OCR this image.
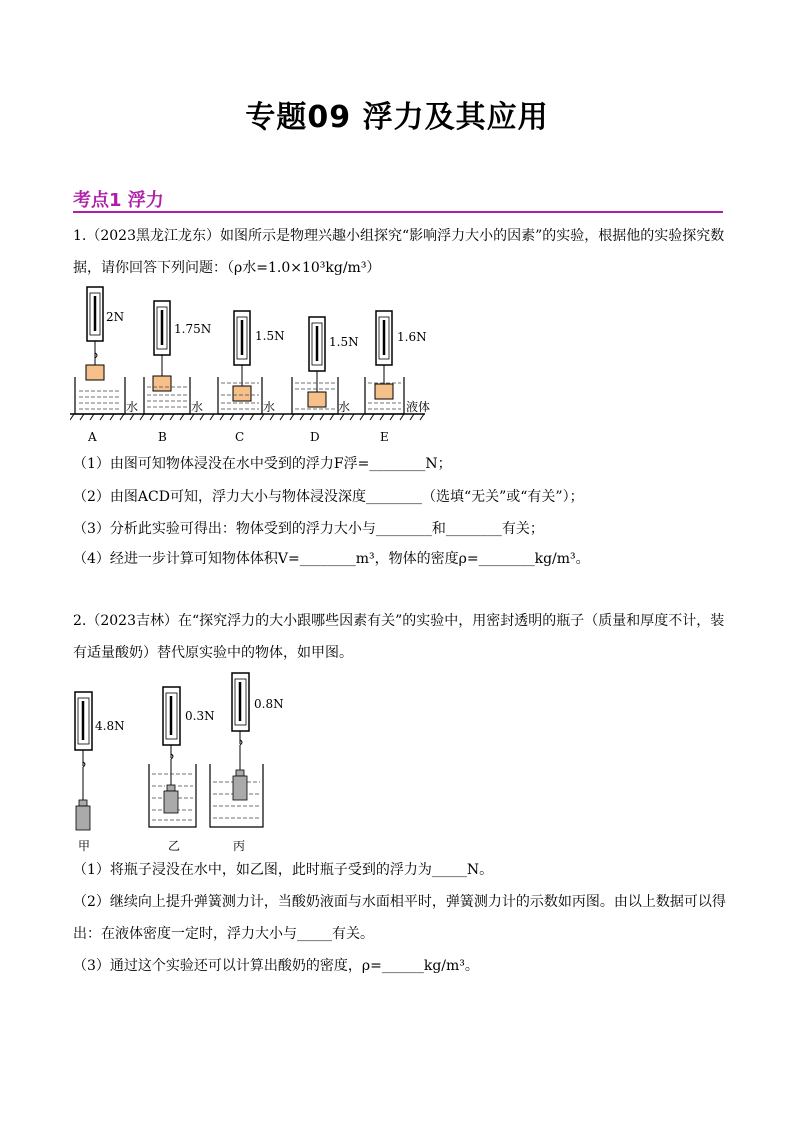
专题09 浮力及其应用
考点1 浮力
1.（2023黑龙江龙东）如图所示是物理兴趣小组探究“影响浮力大小的因素”的实验，根据他的实验探究数
据，请你回答下列问题：（ρ水=1.0×10³kg/m³）
2N
水
A
1.75N
水
B
1.5N
水
C
1.5N
水
D
1.6N
液体
E
（1）由图可知物体浸没在水中受到的浮力F浮=________N；
（2）由图ACD可知，浮力大小与物体浸没深度________（选填“无关”或“有关”）；
（3）分析此实验可得出：物体受到的浮力大小与________和________有关；
（4）经进一步计算可知物体体积V=________m³，物体的密度ρ=________kg/m³。
2.（2023吉林）在“探究浮力的大小跟哪些因素有关”的实验中，用密封透明的瓶子（质量和厚度不计，装
有适量酸奶）替代原实验中的物体，如甲图。
4.8N
甲
0.3N
乙
0.8N
丙
（1）将瓶子浸没在水中，如乙图，此时瓶子受到的浮力为_____N。
（2）继续向上提升弹簧测力计，当酸奶液面与水面相平时，弹簧测力计的示数如丙图。由以上数据可以得
出：在液体密度一定时，浮力大小与_____有关。
（3）通过这个实验还可以计算出酸奶的密度，ρ=______kg/m³。
